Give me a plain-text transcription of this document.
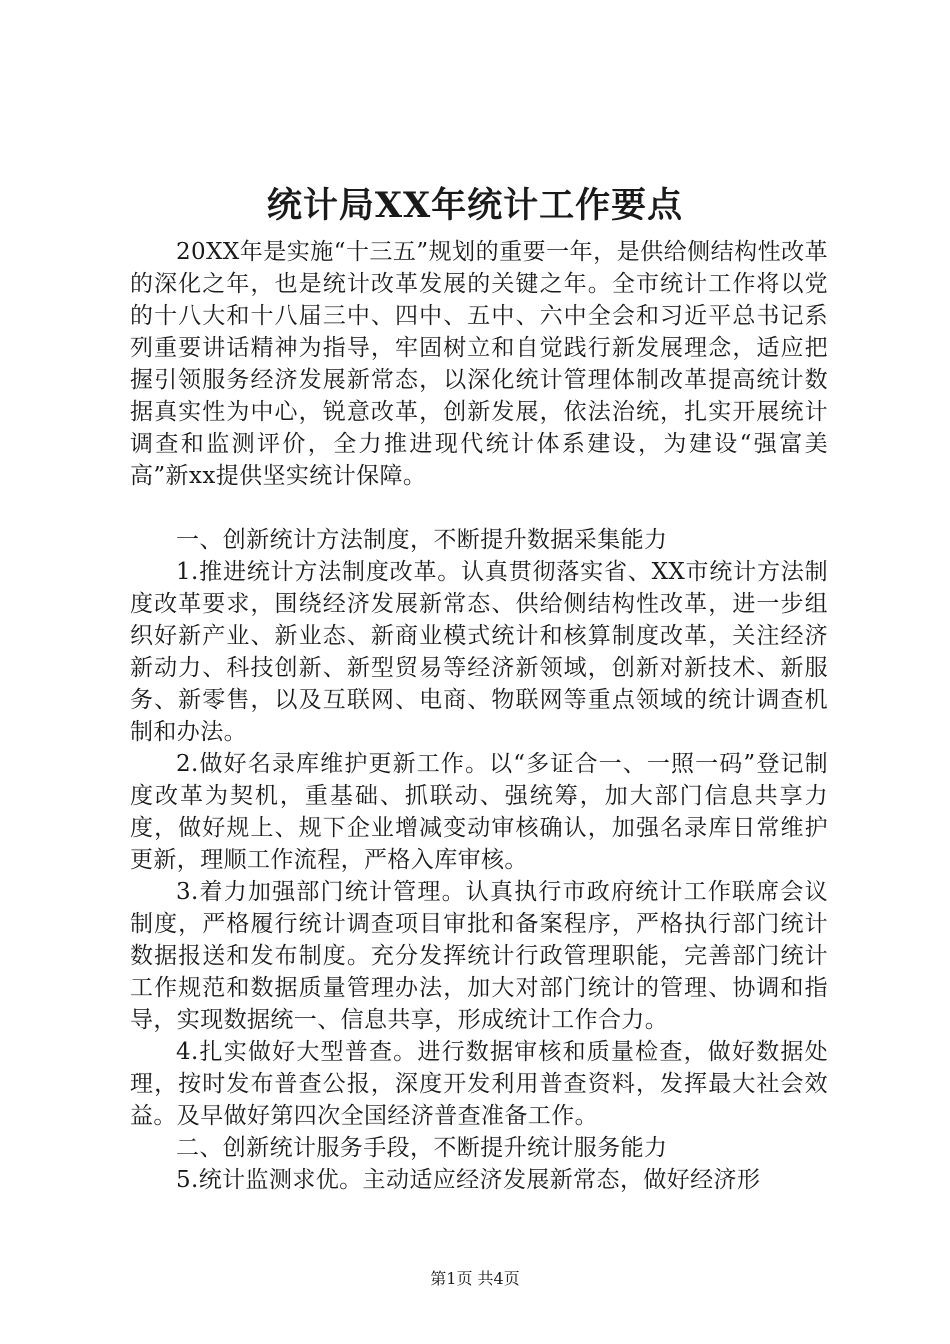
统计局XX年统计工作要点

20XX年是实施“十三五”规划的重要一年，是供给侧结构性改革的深化之年，也是统计改革发展的关键之年。全市统计工作将以党的十八大和十八届三中、四中、五中、六中全会和习近平总书记系列重要讲话精神为指导，牢固树立和自觉践行新发展理念，适应把握引领服务经济发展新常态，以深化统计管理体制改革提高统计数据真实性为中心，锐意改革，创新发展，依法治统，扎实开展统计调查和监测评价，全力推进现代统计体系建设，为建设“强富美高”新xx提供坚实统计保障。

一、创新统计方法制度，不断提升数据采集能力

1.推进统计方法制度改革。认真贯彻落实省、XX市统计方法制度改革要求，围绕经济发展新常态、供给侧结构性改革，进一步组织好新产业、新业态、新商业模式统计和核算制度改革，关注经济新动力、科技创新、新型贸易等经济新领域，创新对新技术、新服务、新零售，以及互联网、电商、物联网等重点领域的统计调查机制和办法。

2.做好名录库维护更新工作。以“多证合一、一照一码”登记制度改革为契机，重基础、抓联动、强统筹，加大部门信息共享力度，做好规上、规下企业增减变动审核确认，加强名录库日常维护更新，理顺工作流程，严格入库审核。

3.着力加强部门统计管理。认真执行市政府统计工作联席会议制度，严格履行统计调查项目审批和备案程序，严格执行部门统计数据报送和发布制度。充分发挥统计行政管理职能，完善部门统计工作规范和数据质量管理办法，加大对部门统计的管理、协调和指导，实现数据统一、信息共享，形成统计工作合力。

4.扎实做好大型普查。进行数据审核和质量检查，做好数据处理，按时发布普查公报，深度开发利用普查资料，发挥最大社会效益。及早做好第四次全国经济普查准备工作。

二、创新统计服务手段，不断提升统计服务能力

5.统计监测求优。主动适应经济发展新常态，做好经济形

第1页 共4页
